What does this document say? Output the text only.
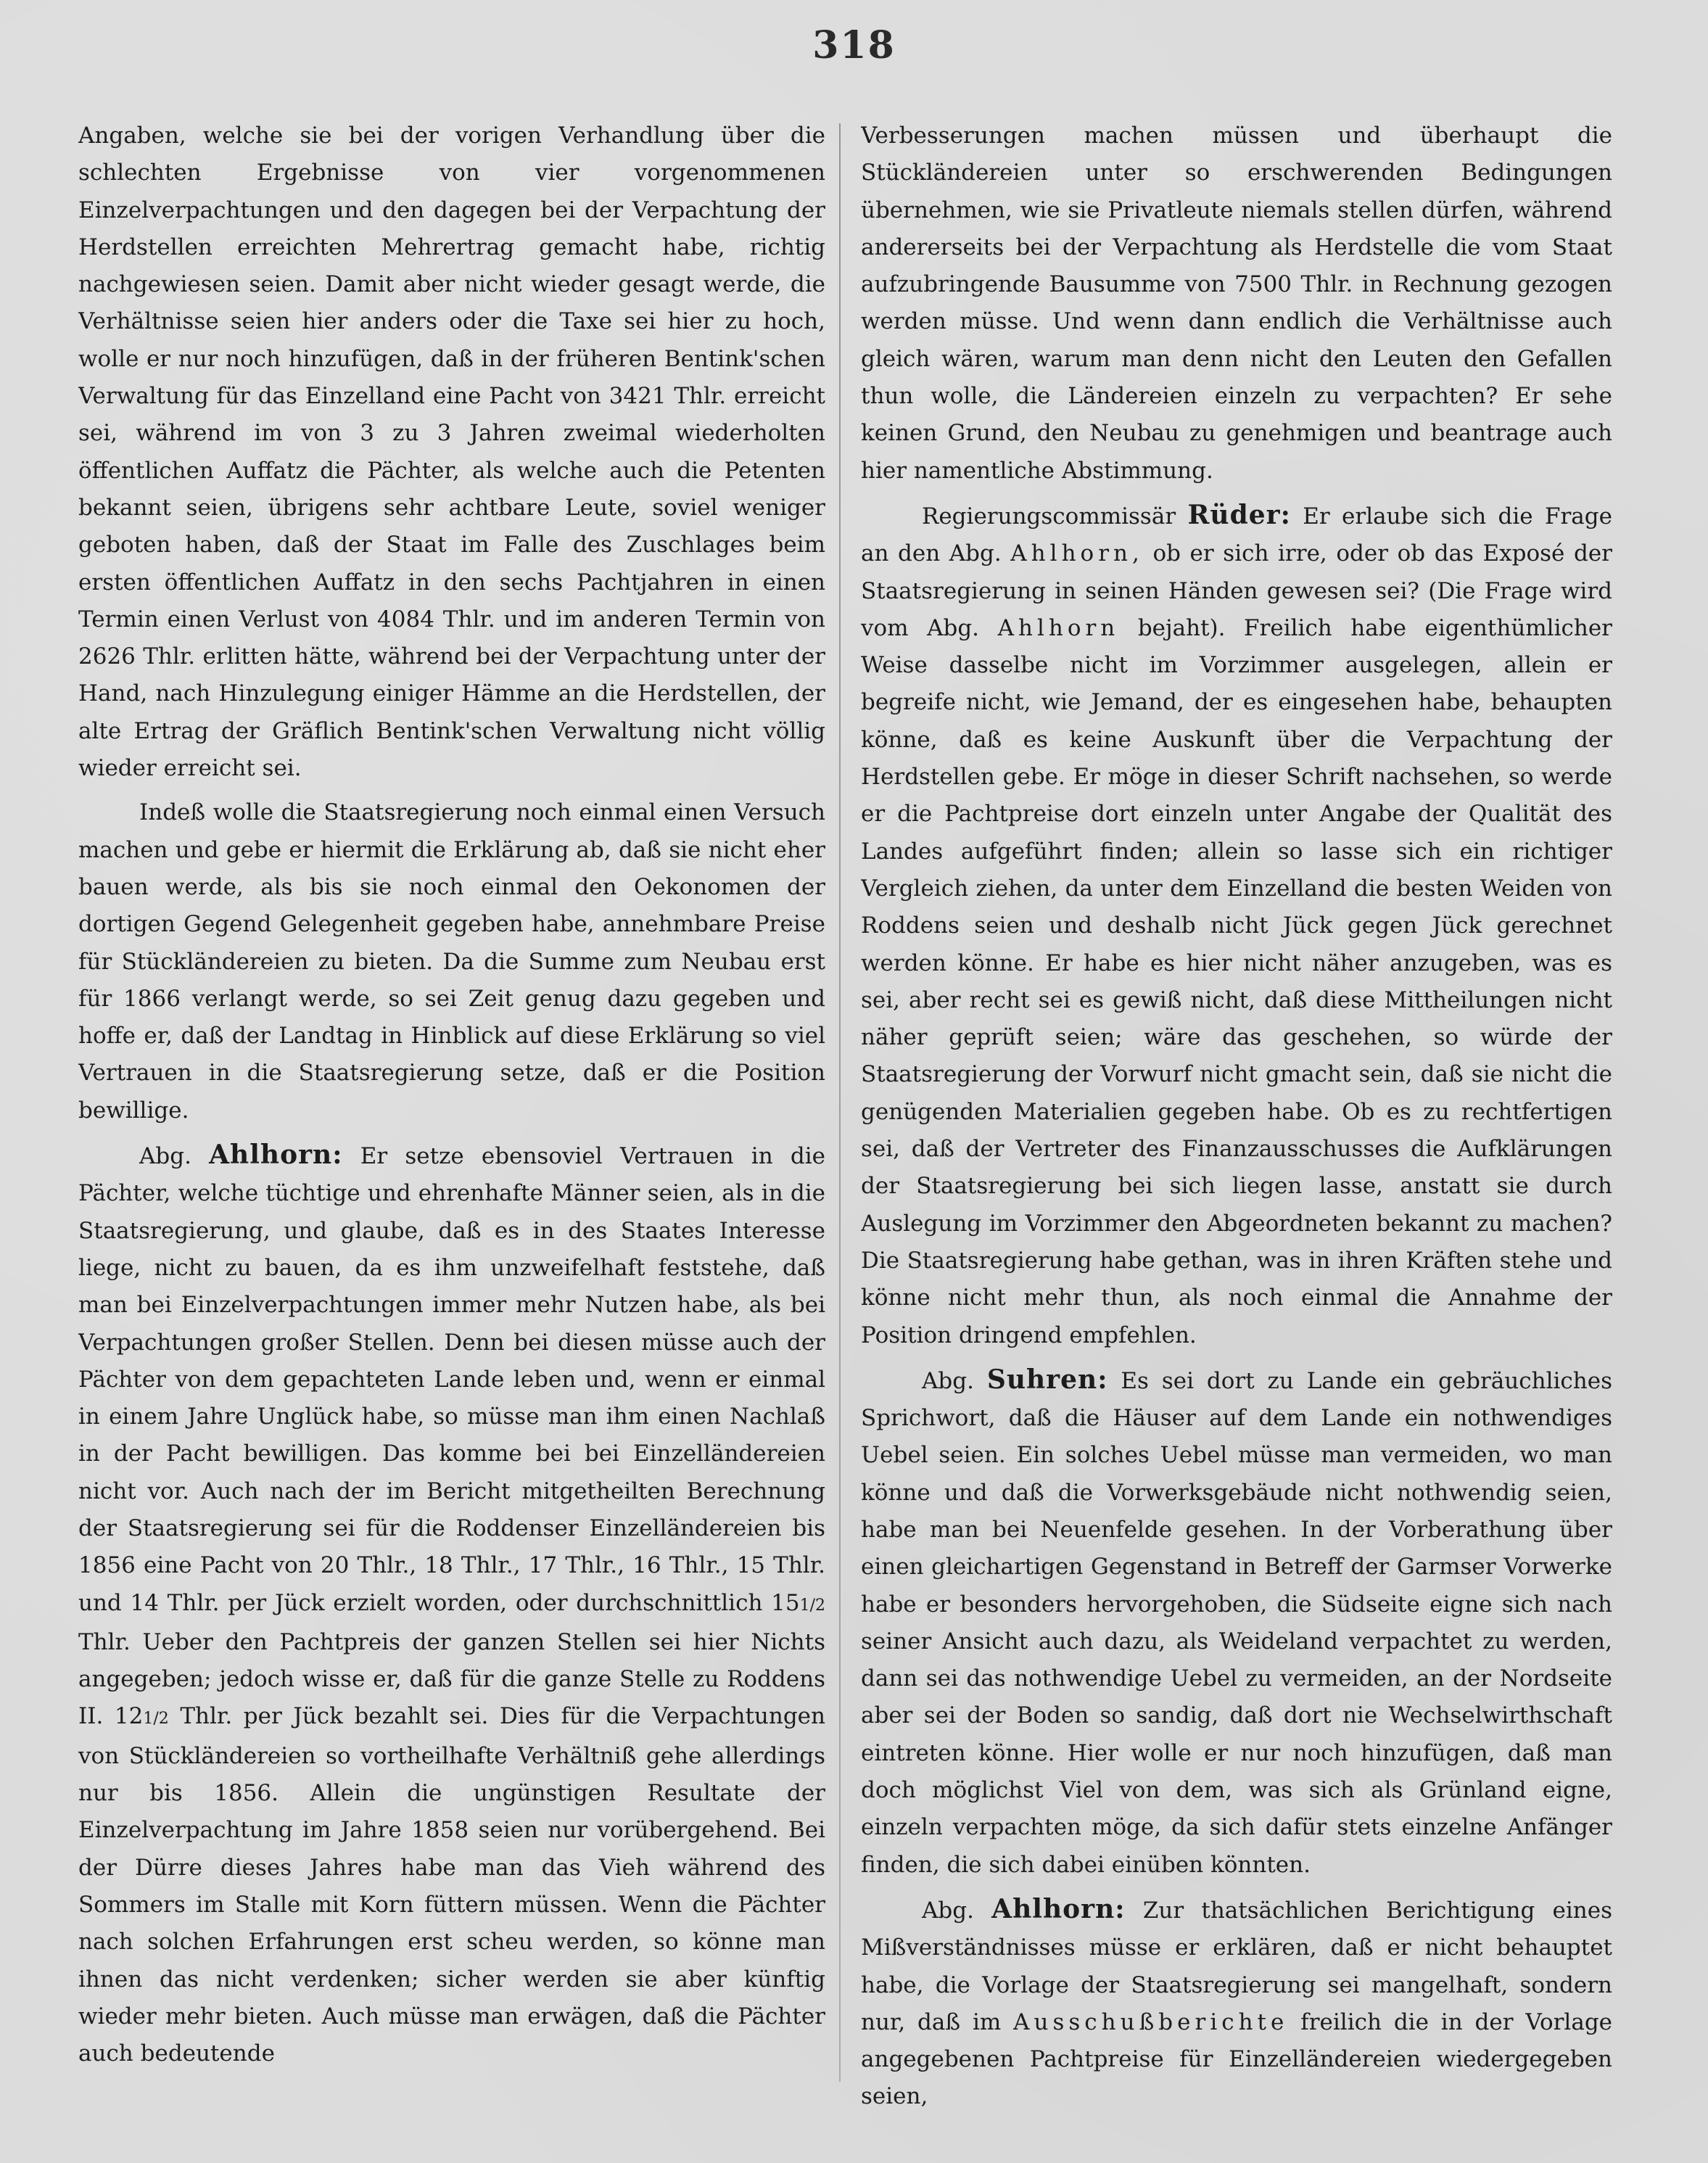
318

Angaben, welche sie bei der vorigen Verhandlung über die schlechten Ergebnisse von vier vorgenommenen Einzelverpachtungen und den dagegen bei der Verpachtung der Herdstellen erreichten Mehrertrag gemacht habe, richtig nachgewiesen seien. Damit aber nicht wieder gesagt werde, die Verhältnisse seien hier anders oder die Taxe sei hier zu hoch, wolle er nur noch hinzufügen, daß in der früheren Bentink'schen Verwaltung für das Einzelland eine Pacht von 3421 Thlr. erreicht sei, während im von 3 zu 3 Jahren zweimal wiederholten öffentlichen Auffatz die Pächter, als welche auch die Petenten bekannt seien, übrigens sehr achtbare Leute, soviel weniger geboten haben, daß der Staat im Falle des Zuschlages beim ersten öffentlichen Auffatz in den sechs Pachtjahren in einen Termin einen Verlust von 4084 Thlr. und im anderen Termin von 2626 Thlr. erlitten hätte, während bei der Verpachtung unter der Hand, nach Hinzulegung einiger Hämme an die Herdstellen, der alte Ertrag der Gräflich Bentink'schen Verwaltung nicht völlig wieder erreicht sei.

Indeß wolle die Staatsregierung noch einmal einen Versuch machen und gebe er hiermit die Erklärung ab, daß sie nicht eher bauen werde, als bis sie noch einmal den Oekonomen der dortigen Gegend Gelegenheit gegeben habe, annehmbare Preise für Stückländereien zu bieten. Da die Summe zum Neubau erst für 1866 verlangt werde, so sei Zeit genug dazu gegeben und hoffe er, daß der Landtag in Hinblick auf diese Erklärung so viel Vertrauen in die Staatsregierung setze, daß er die Position bewillige.

Abg. Ahlhorn: Er setze ebensoviel Vertrauen in die Pächter, welche tüchtige und ehrenhafte Männer seien, als in die Staatsregierung, und glaube, daß es in des Staates Interesse liege, nicht zu bauen, da es ihm unzweifelhaft feststehe, daß man bei Einzelverpachtungen immer mehr Nutzen habe, als bei Verpachtungen großer Stellen. Denn bei diesen müsse auch der Pächter von dem gepachteten Lande leben und, wenn er einmal in einem Jahre Unglück habe, so müsse man ihm einen Nachlaß in der Pacht bewilligen. Das komme bei bei Einzelländereien nicht vor. Auch nach der im Bericht mitgetheilten Berechnung der Staatsregierung sei für die Roddenser Einzelländereien bis 1856 eine Pacht von 20 Thlr., 18 Thlr., 17 Thlr., 16 Thlr., 15 Thlr. und 14 Thlr. per Jück erzielt worden, oder durchschnittlich 151/2 Thlr. Ueber den Pachtpreis der ganzen Stellen sei hier Nichts angegeben; jedoch wisse er, daß für die ganze Stelle zu Roddens II. 121/2 Thlr. per Jück bezahlt sei. Dies für die Verpachtungen von Stückländereien so vortheilhafte Verhältniß gehe allerdings nur bis 1856. Allein die ungünstigen Resultate der Einzelverpachtung im Jahre 1858 seien nur vorübergehend. Bei der Dürre dieses Jahres habe man das Vieh während des Sommers im Stalle mit Korn füttern müssen. Wenn die Pächter nach solchen Erfahrungen erst scheu werden, so könne man ihnen das nicht verdenken; sicher werden sie aber künftig wieder mehr bieten. Auch müsse man erwägen, daß die Pächter auch bedeutende

Verbesserungen machen müssen und überhaupt die Stückländereien unter so erschwerenden Bedingungen übernehmen, wie sie Privatleute niemals stellen dürfen, während andererseits bei der Verpachtung als Herdstelle die vom Staat aufzubringende Bausumme von 7500 Thlr. in Rechnung gezogen werden müsse. Und wenn dann endlich die Verhältnisse auch gleich wären, warum man denn nicht den Leuten den Gefallen thun wolle, die Ländereien einzeln zu verpachten? Er sehe keinen Grund, den Neubau zu genehmigen und beantrage auch hier namentliche Abstimmung.

Regierungscommissär Rüder: Er erlaube sich die Frage an den Abg. Ahlhorn, ob er sich irre, oder ob das Exposé der Staatsregierung in seinen Händen gewesen sei? (Die Frage wird vom Abg. Ahlhorn bejaht). Freilich habe eigenthümlicher Weise dasselbe nicht im Vorzimmer ausgelegen, allein er begreife nicht, wie Jemand, der es eingesehen habe, behaupten könne, daß es keine Auskunft über die Verpachtung der Herdstellen gebe. Er möge in dieser Schrift nachsehen, so werde er die Pachtpreise dort einzeln unter Angabe der Qualität des Landes aufgeführt finden; allein so lasse sich ein richtiger Vergleich ziehen, da unter dem Einzelland die besten Weiden von Roddens seien und deshalb nicht Jück gegen Jück gerechnet werden könne. Er habe es hier nicht näher anzugeben, was es sei, aber recht sei es gewiß nicht, daß diese Mittheilungen nicht näher geprüft seien; wäre das geschehen, so würde der Staatsregierung der Vorwurf nicht gmacht sein, daß sie nicht die genügenden Materialien gegeben habe. Ob es zu rechtfertigen sei, daß der Vertreter des Finanzausschusses die Aufklärungen der Staatsregierung bei sich liegen lasse, anstatt sie durch Auslegung im Vorzimmer den Abgeordneten bekannt zu machen? Die Staatsregierung habe gethan, was in ihren Kräften stehe und könne nicht mehr thun, als noch einmal die Annahme der Position dringend empfehlen.

Abg. Suhren: Es sei dort zu Lande ein gebräuchliches Sprichwort, daß die Häuser auf dem Lande ein nothwendiges Uebel seien. Ein solches Uebel müsse man vermeiden, wo man könne und daß die Vorwerksgebäude nicht nothwendig seien, habe man bei Neuenfelde gesehen. In der Vorberathung über einen gleichartigen Gegenstand in Betreff der Garmser Vorwerke habe er besonders hervorgehoben, die Südseite eigne sich nach seiner Ansicht auch dazu, als Weideland verpachtet zu werden, dann sei das nothwendige Uebel zu vermeiden, an der Nordseite aber sei der Boden so sandig, daß dort nie Wechselwirthschaft eintreten könne. Hier wolle er nur noch hinzufügen, daß man doch möglichst Viel von dem, was sich als Grünland eigne, einzeln verpachten möge, da sich dafür stets einzelne Anfänger finden, die sich dabei einüben könnten.

Abg. Ahlhorn: Zur thatsächlichen Berichtigung eines Mißverständnisses müsse er erklären, daß er nicht behauptet habe, die Vorlage der Staatsregierung sei mangelhaft, sondern nur, daß im Ausschußberichte freilich die in der Vorlage angegebenen Pachtpreise für Einzelländereien wiedergegeben seien,
